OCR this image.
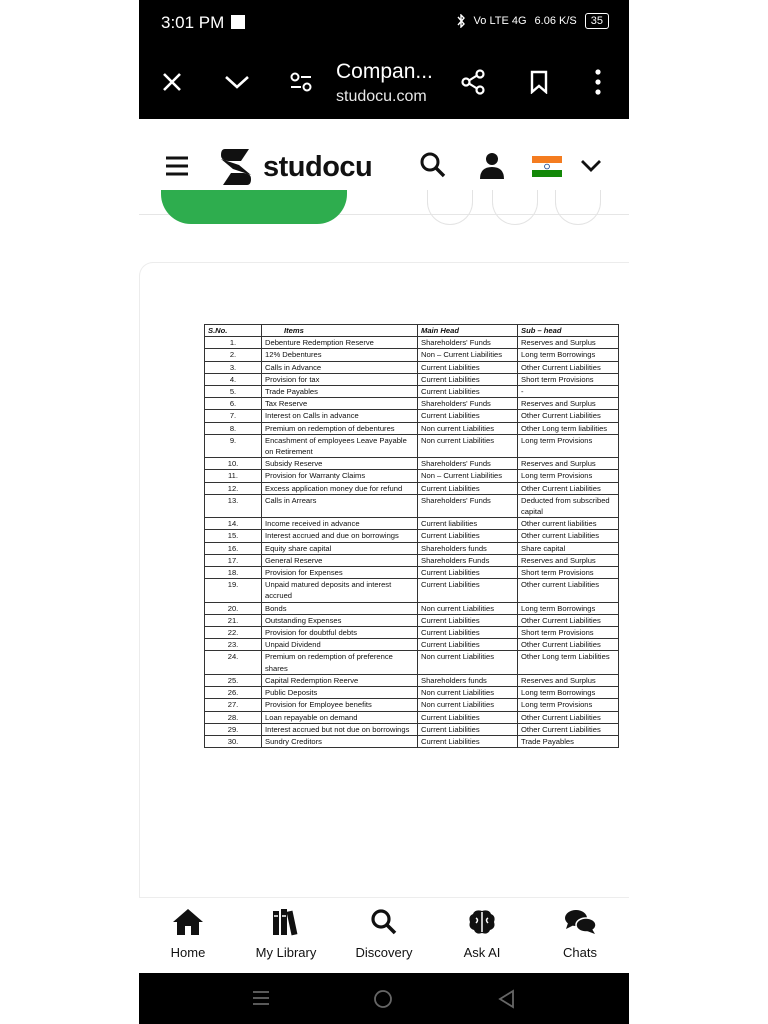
3:01 PM	Vo LTE 4G 6.06 K/S	35
Compan...
studocu.com
studocu
S.No.	Items	Main Head	Sub – head
1.	Debenture Redemption Reserve	Shareholders' Funds	Reserves and Surplus
2.	12% Debentures	Non – Current Liabilities	Long term Borrowings
3.	Calls in Advance	Current Liabilities	Other Current Liabilities
4.	Provision for tax	Current Liabilities	Short term Provisions
5.	Trade Payables	Current Liabilities	-
6.	Tax Reserve	Shareholders' Funds	Reserves and Surplus
7.	Interest on Calls in advance	Current Liabilities	Other Current Liabilities
8.	Premium on redemption of debentures	Non current Liabilities	Other Long term liabilities
9.	Encashment of employees Leave Payable on Retirement	Non current Liabilities	Long term Provisions
10.	Subsidy Reserve	Shareholders' Funds	Reserves and Surplus
11.	Provision for Warranty Claims	Non – Current Liabilities	Long term Provisions
12.	Excess application money due for refund	Current Liabilities	Other Current Liabilities
13.	Calls in Arrears	Shareholders' Funds	Deducted from subscribed capital
14.	Income received in advance	Current liabilities	Other current liabilities
15.	Interest accrued and due on borrowings	Current Liabilities	Other current Liabilities
16.	Equity share capital	Shareholders funds	Share capital
17.	General Reserve	Shareholders Funds	Reserves and Surplus
18.	Provision for Expenses	Current Liabilities	Short term Provisions
19.	Unpaid matured deposits and interest accrued	Current Liabilities	Other current Liabilities
20.	Bonds	Non current Liabilities	Long term Borrowings
21.	Outstanding Expenses	Current Liabilities	Other Current Liabilities
22.	Provision for doubtful debts	Current Liabilities	Short term Provisions
23.	Unpaid Dividend	Current Liabilities	Other Current Liabilities
24.	Premium on redemption of preference shares	Non current Liabilities	Other Long term Liabilities
25.	Capital Redemption Reerve	Shareholders funds	Reserves and Surplus
26.	Public Deposits	Non current Liabilities	Long term Borrowings
27.	Provision for Employee benefits	Non current Liabilities	Long term Provisions
28.	Loan repayable on demand	Current Liabilities	Other Current Liabilities
29.	Interest accrued but not due on borrowings	Current Liabilities	Other Current Liabilities
30.	Sundry Creditors	Current Liabilities	Trade Payables
Home	My Library	Discovery	Ask AI	Chats
